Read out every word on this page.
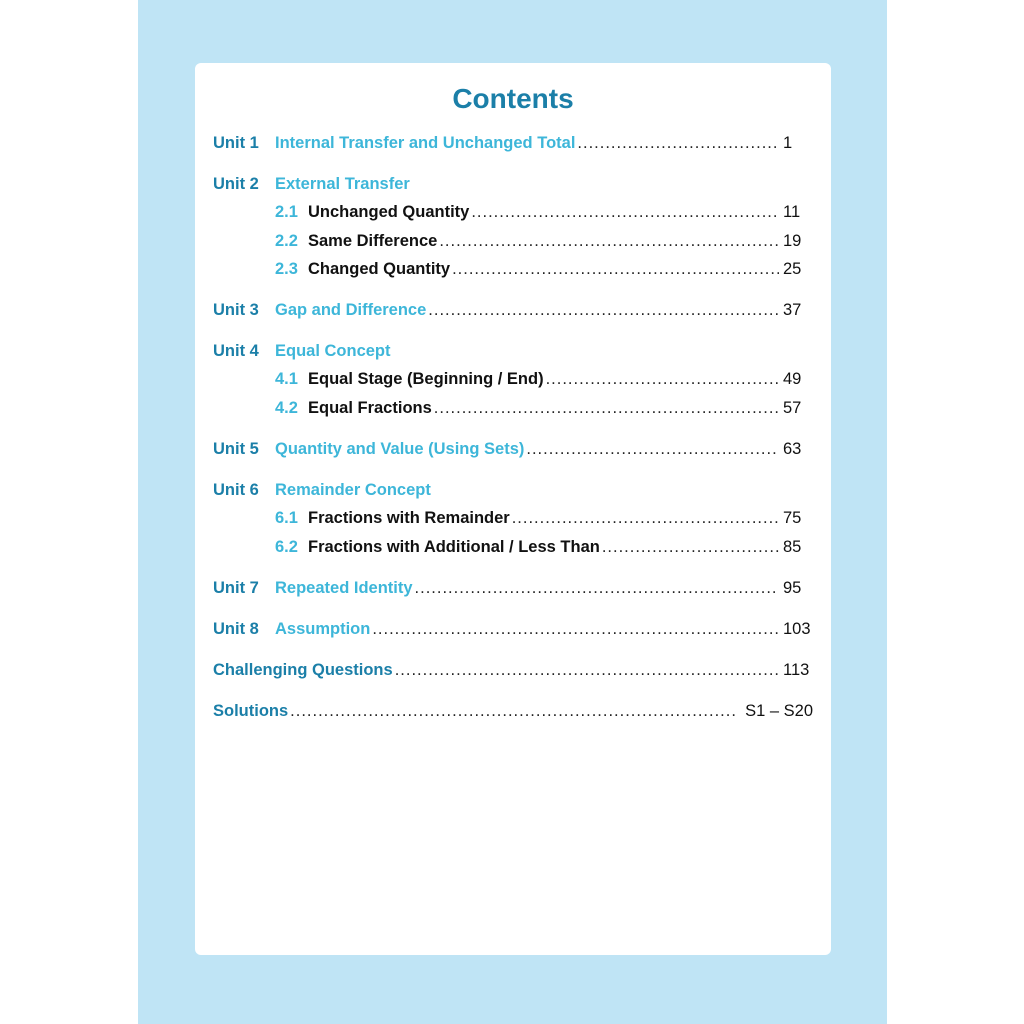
Contents
Unit 1 Internal Transfer and Unchanged Total .....	1
Unit 2 External Transfer
2.1 Unchanged Quantity .....	11
2.2 Same Difference .....	19
2.3 Changed Quantity .....	25
Unit 3 Gap and Difference .....	37
Unit 4 Equal Concept
4.1 Equal Stage (Beginning / End) .....	49
4.2 Equal Fractions .....	57
Unit 5 Quantity and Value (Using Sets) .....	63
Unit 6 Remainder Concept
6.1 Fractions with Remainder .....	75
6.2 Fractions with Additional / Less Than .....	85
Unit 7 Repeated Identity .....	95
Unit 8 Assumption .....	103
Challenging Questions .....	113
Solutions .....	S1 – S20
